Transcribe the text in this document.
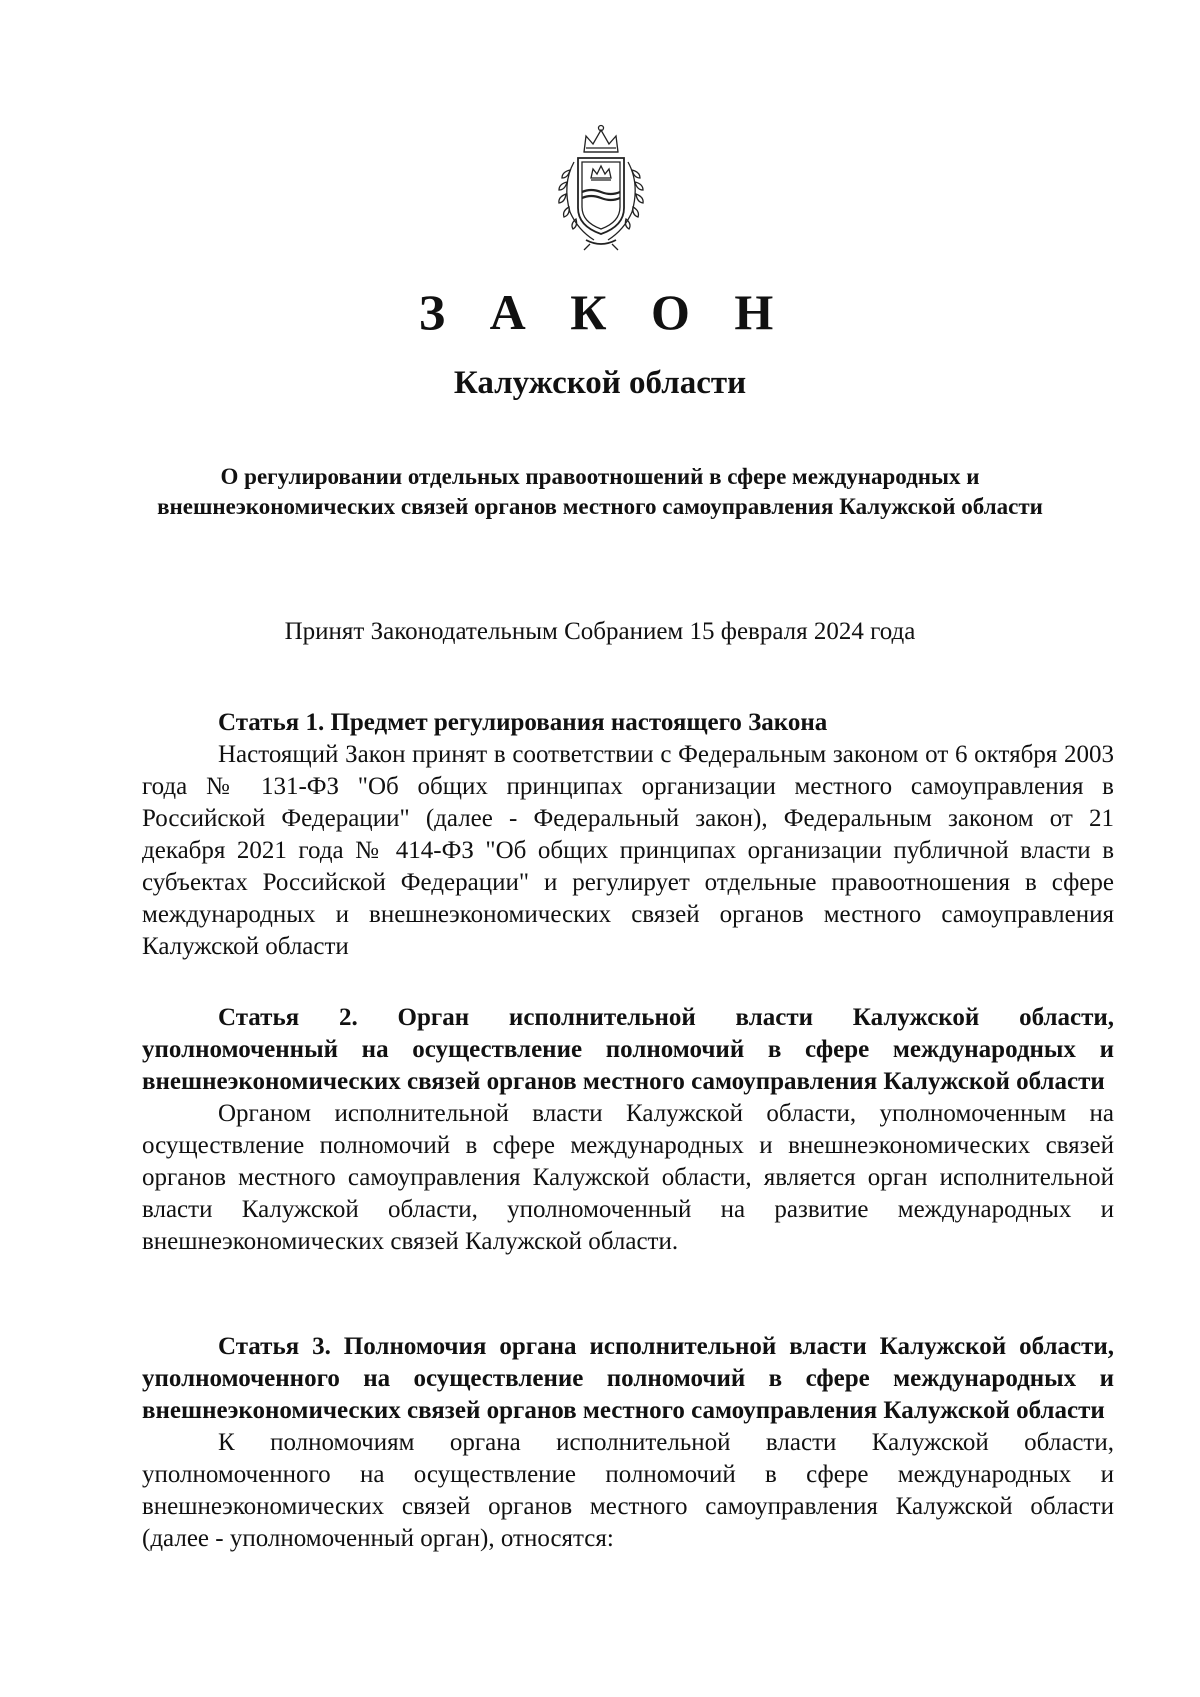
З А К О Н
Калужской области
О регулировании отдельных правоотношений в сфере международных и внешнеэкономических связей органов местного самоуправления Калужской области
Принят Законодательным Собранием 15 февраля 2024 года

Статья 1. Предмет регулирования настоящего Закона

Настоящий Закон принят в соответствии с Федеральным законом от 6 октября 2003 года № 131-ФЗ "Об общих принципах организации местного самоуправления в Российской Федерации" (далее - Федеральный закон), Федеральным законом от 21 декабря 2021 года № 414-ФЗ "Об общих принципах организации публичной власти в субъектах Российской Федерации" и регулирует отдельные правоотношения в сфере международных и внешнеэкономических связей органов местного самоуправления Калужской области

Статья 2. Орган исполнительной власти Калужской области, уполномоченный на осуществление полномочий в сфере международных и внешнеэкономических связей органов местного самоуправления Калужской области

Органом исполнительной власти Калужской области, уполномоченным на осуществление полномочий в сфере международных и внешнеэкономических связей органов местного самоуправления Калужской области, является орган исполнительной власти Калужской области, уполномоченный на развитие международных и внешнеэкономических связей Калужской области.

Статья 3. Полномочия органа исполнительной власти Калужской области, уполномоченного на осуществление полномочий в сфере международных и внешнеэкономических связей органов местного самоуправления Калужской области

К полномочиям органа исполнительной власти Калужской области, уполномоченного на осуществление полномочий в сфере международных и внешнеэкономических связей органов местного самоуправления Калужской области (далее - уполномоченный орган), относятся:
